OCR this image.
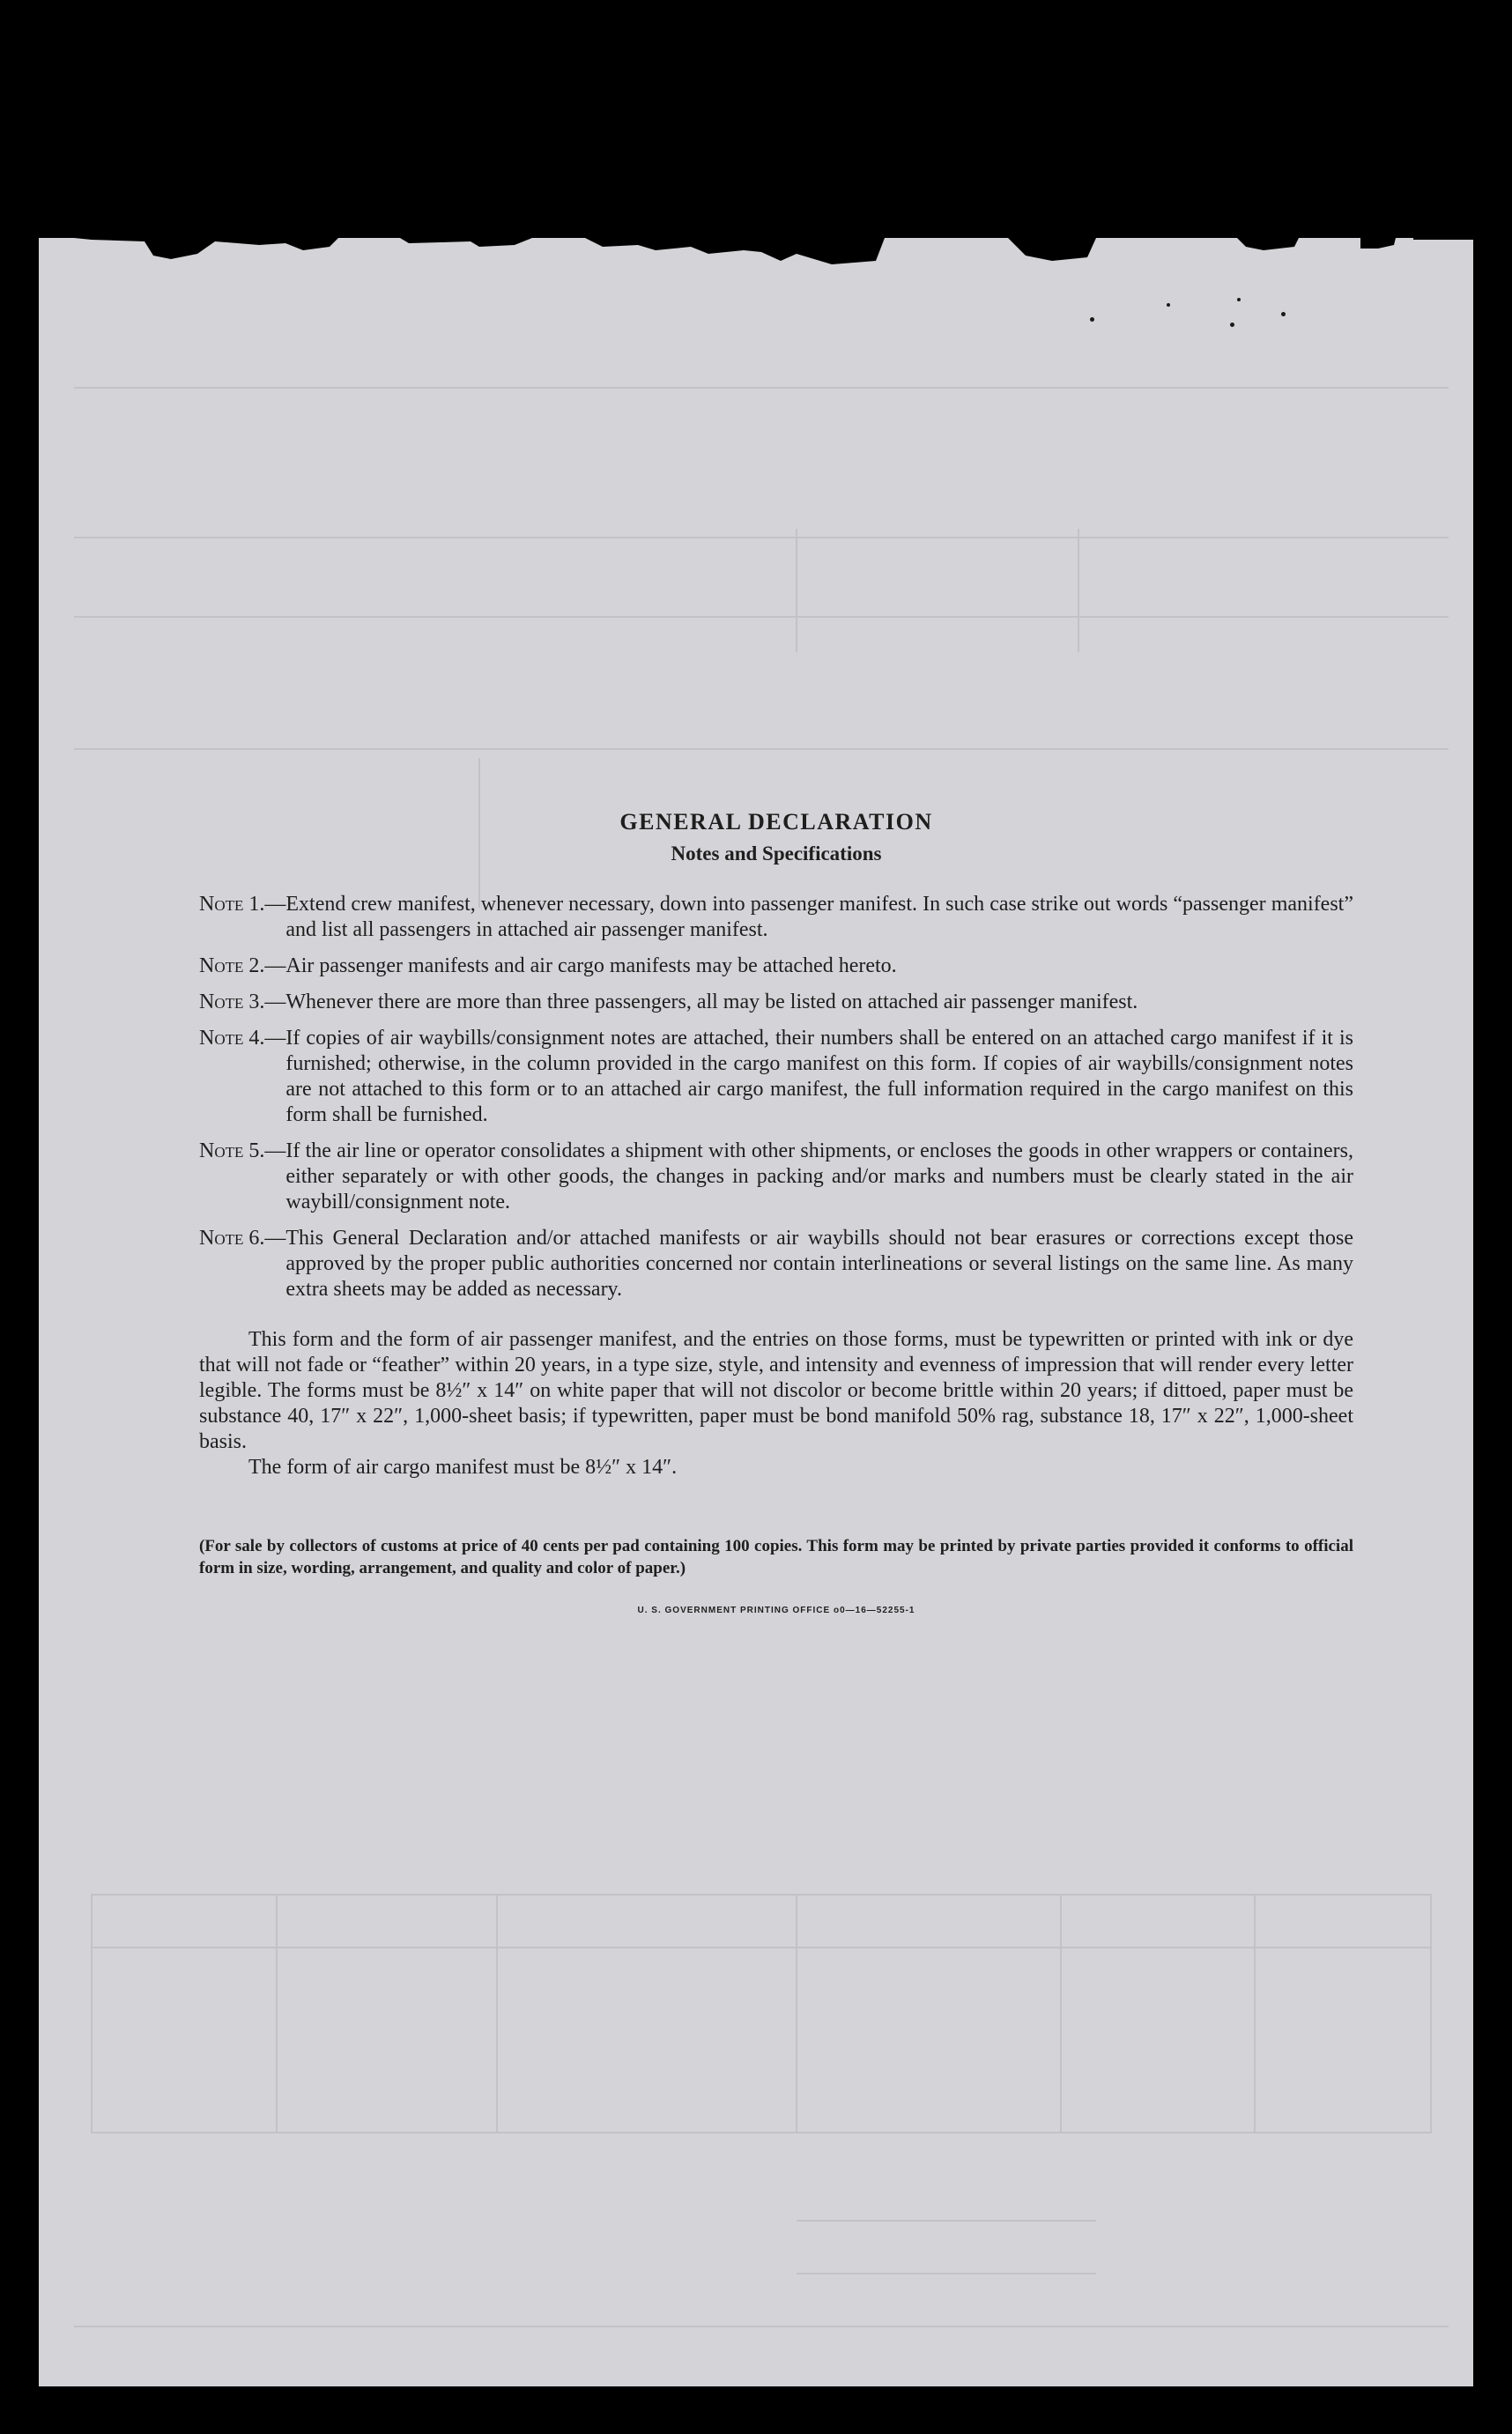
GENERAL DECLARATION
Notes and Specifications
Note 1.— Extend crew manifest, whenever necessary, down into passenger manifest. In such case strike out words “passenger manifest” and list all passengers in attached air passenger manifest.
Note 2.— Air passenger manifests and air cargo manifests may be attached hereto.
Note 3.— Whenever there are more than three passengers, all may be listed on attached air passenger manifest.
Note 4.— If copies of air waybills/consignment notes are attached, their numbers shall be entered on an attached cargo manifest if it is furnished; otherwise, in the column provided in the cargo manifest on this form. If copies of air waybills/consignment notes are not attached to this form or to an attached air cargo manifest, the full information required in the cargo manifest on this form shall be furnished.
Note 5.— If the air line or operator consolidates a shipment with other shipments, or encloses the goods in other wrappers or containers, either separately or with other goods, the changes in packing and/or marks and numbers must be clearly stated in the air waybill/consignment note.
Note 6.— This General Declaration and/or attached manifests or air waybills should not bear erasures or corrections except those approved by the proper public authorities concerned nor contain interlineations or several listings on the same line. As many extra sheets may be added as necessary.

This form and the form of air passenger manifest, and the entries on those forms, must be typewritten or printed with ink or dye that will not fade or “feather” within 20 years, in a type size, style, and intensity and evenness of impression that will render every letter legible. The forms must be 8½″ x 14″ on white paper that will not discolor or become brittle within 20 years; if dittoed, paper must be substance 40, 17″ x 22″, 1,000-sheet basis; if typewritten, paper must be bond manifold 50% rag, substance 18, 17″ x 22″, 1,000-sheet basis.

The form of air cargo manifest must be 8½″ x 14″.

(For sale by collectors of customs at price of 40 cents per pad containing 100 copies. This form may be printed by private parties provided it conforms to official form in size, wording, arrangement, and quality and color of paper.)

U. S. GOVERNMENT PRINTING OFFICE o0—16—52255-1
